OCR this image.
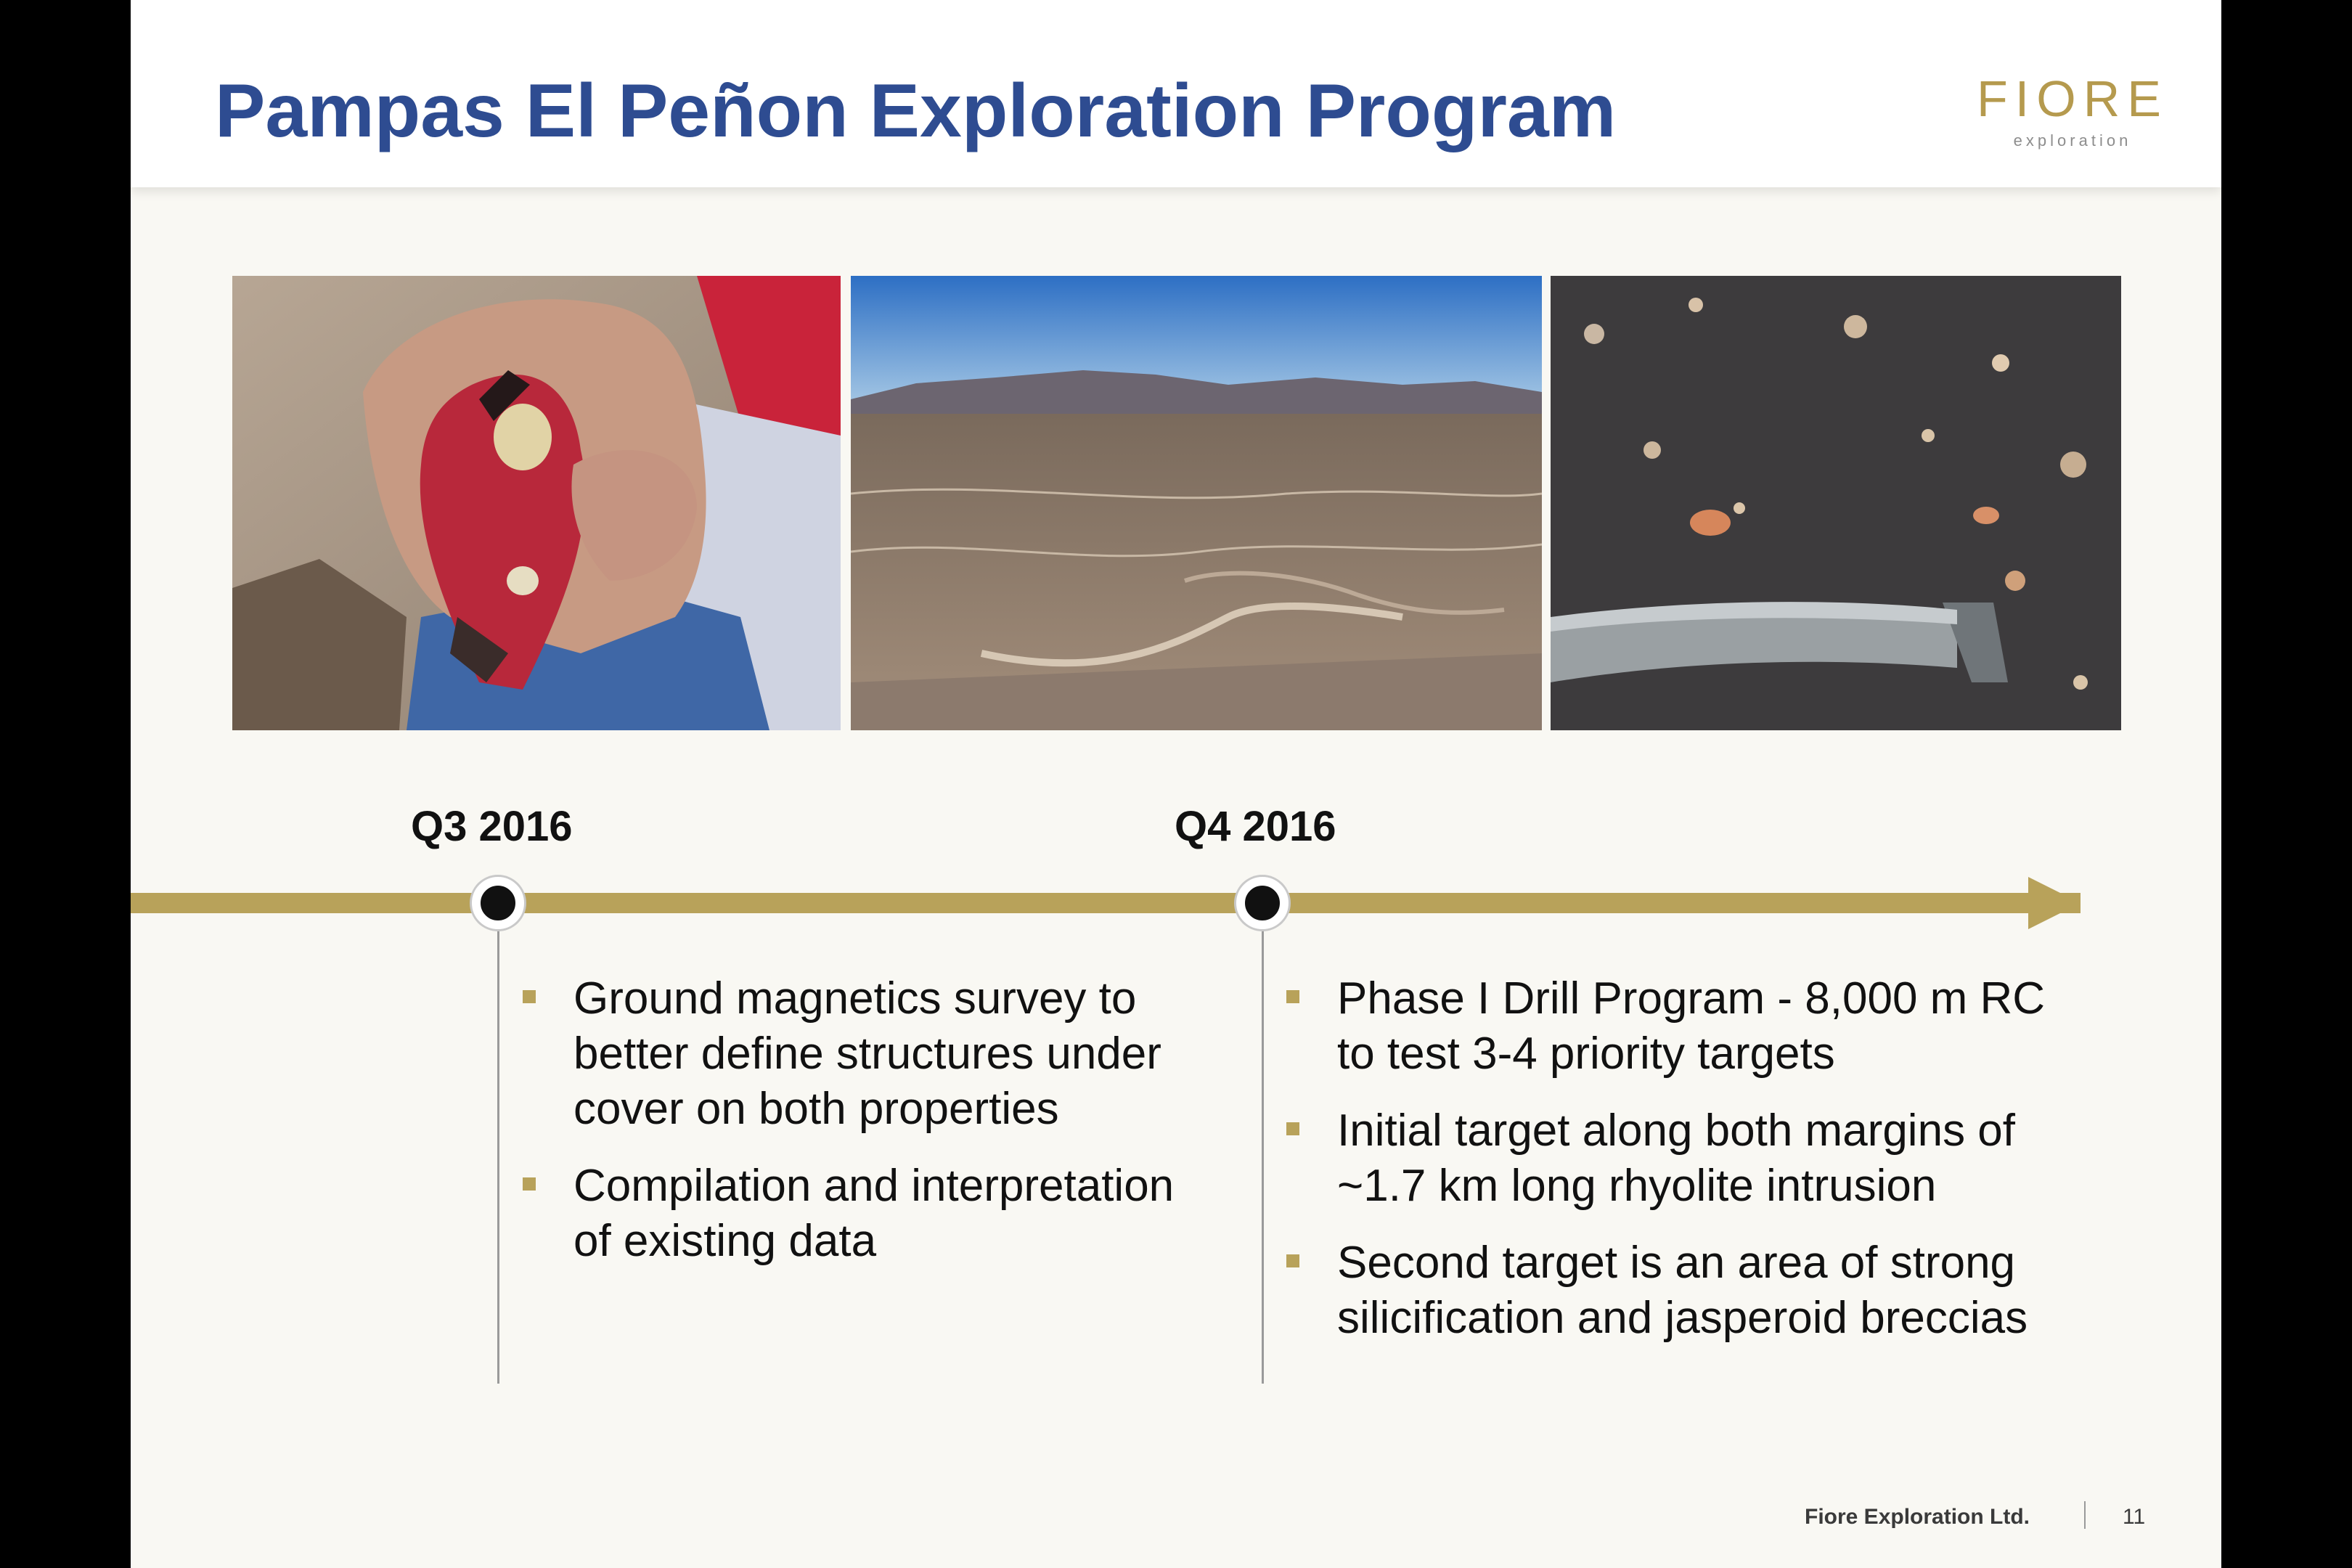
Pampas El Peñon Exploration Program	FIORE
exploration
Q3 2016	Q4 2016
Ground magnetics survey to better define structures under cover on both properties
Compilation and interpretation of existing data
Phase I Drill Program - 8,000 m RC to test 3-4 priority targets
Initial target along both margins of ~1.7 km long rhyolite intrusion
Second target is an area of strong silicification and jasperoid breccias
Fiore Exploration Ltd.	11
